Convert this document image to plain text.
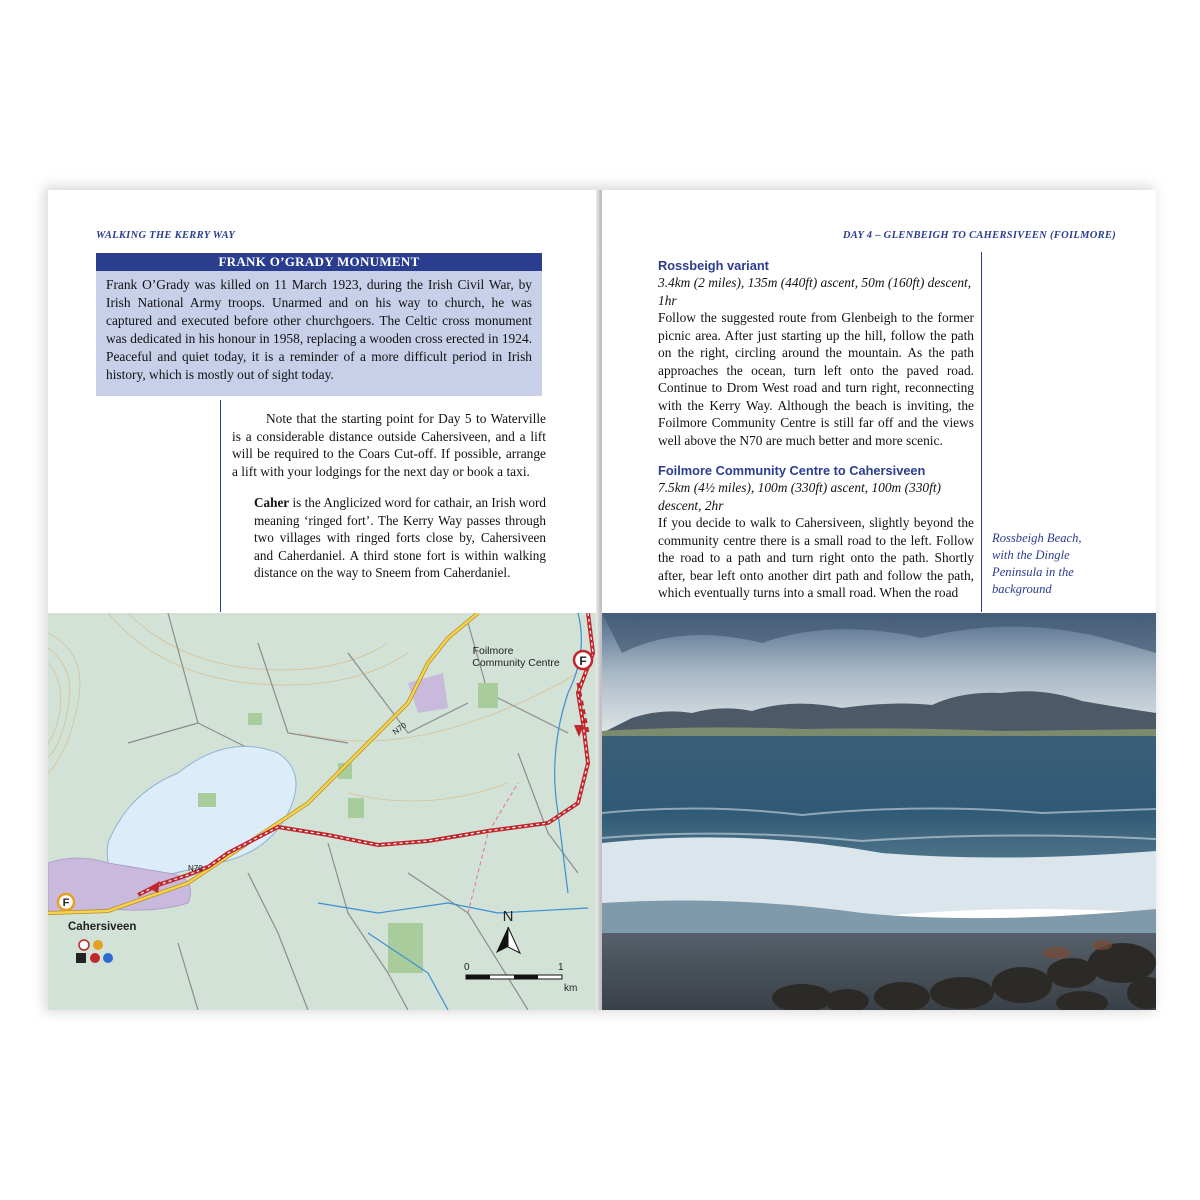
WALKING THE KERRY WAY
FRANK O’GRADY MONUMENT
Frank O’Grady was killed on 11 March 1923, during the Irish Civil War, by Irish National Army troops. Unarmed and on his way to church, he was captured and executed before other churchgoers. The Celtic cross monument was dedicated in his honour in 1958, replacing a wooden cross erected in 1924. Peaceful and quiet today, it is a reminder of a more difficult period in Irish history, which is mostly out of sight today.
Note that the starting point for Day 5 to Waterville is a considerable distance outside Cahersiveen, and a lift will be required to the Coars Cut-off. If possible, arrange a lift with your lodgings for the next day or book a taxi.
Caher is the Anglicized word for cathair, an Irish word meaning ‘ringed fort’. The Kerry Way passes through two villages with ringed forts close by, Cahersiveen and Caherdaniel. A third stone fort is within walking distance on the way to Sneem from Caherdaniel.
F
F
Foilmore
Community Centre
N70
N70
Cahersiveen
N
0	1
km
DAY 4 – GLENBEIGH TO CAHERSIVEEN (FOILMORE)
Rossbeigh variant
3.4km (2 miles), 135m (440ft) ascent, 50m (160ft) descent, 1hr
Follow the suggested route from Glenbeigh to the former picnic area. After just starting up the hill, follow the path on the right, circling around the mountain. As the path approaches the ocean, turn left onto the paved road. Continue to Drom West road and turn right, reconnecting with the Kerry Way. Although the beach is inviting, the Foilmore Community Centre is still far off and the views well above the N70 are much better and more scenic.
Foilmore Community Centre to Cahersiveen
7.5km (4½ miles), 100m (330ft) ascent, 100m (330ft) descent, 2hr
If you decide to walk to Cahersiveen, slightly beyond the community centre there is a small road to the left. Follow the road to a path and turn right onto the path. Shortly after, bear left onto another dirt path and follow the path, which eventually turns into a small road. When the road
Rossbeigh Beach, with the Dingle Peninsula in the background
